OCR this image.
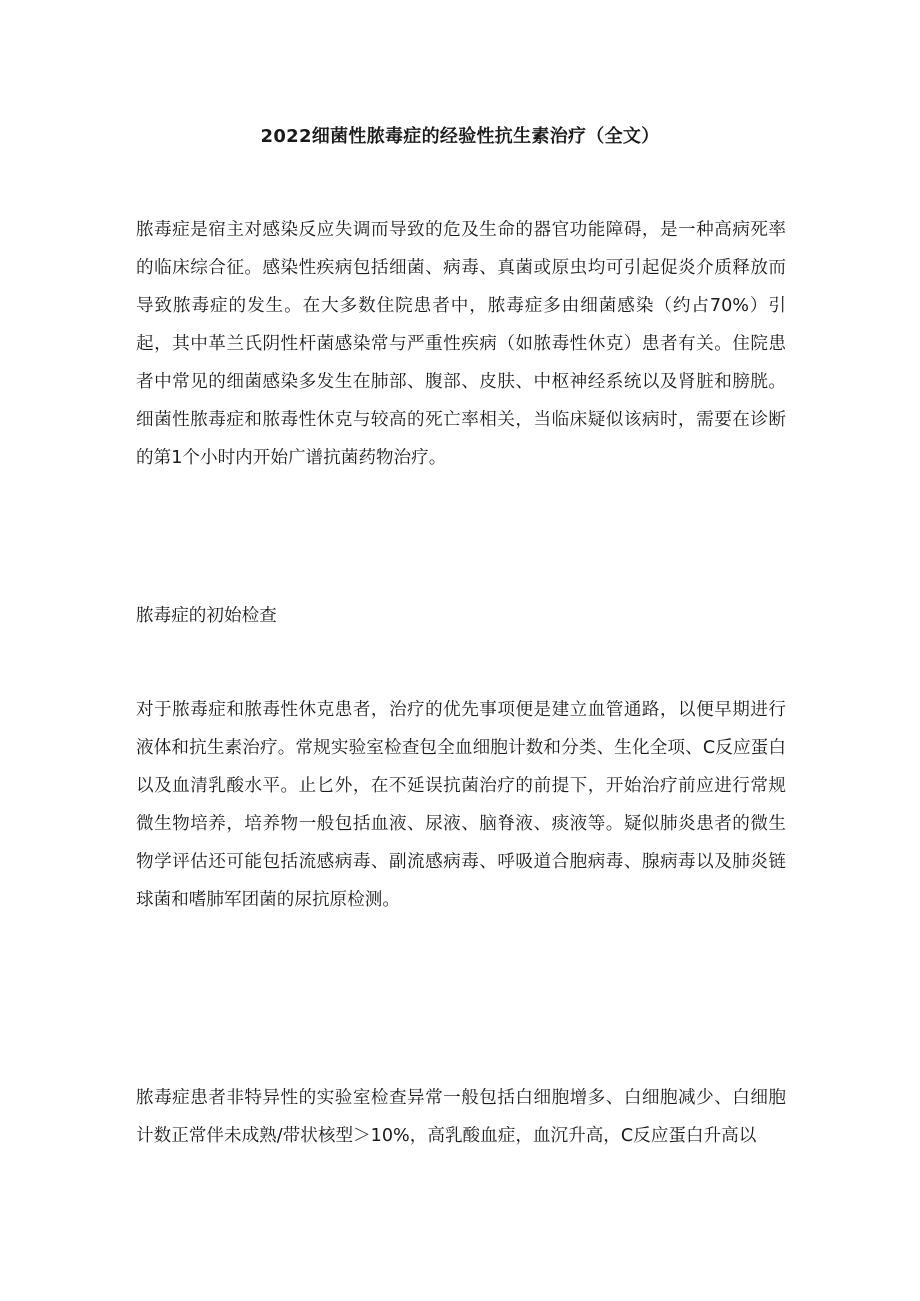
2022细菌性脓毒症的经验性抗生素治疗（全文）

脓毒症是宿主对感染反应失调而导致的危及生命的器官功能障碍，是一种高病死率的临床综合征。感染性疾病包括细菌、病毒、真菌或原虫均可引起促炎介质释放而导致脓毒症的发生。在大多数住院患者中，脓毒症多由细菌感染（约占70%）引起，其中革兰氏阴性杆菌感染常与严重性疾病（如脓毒性休克）患者有关。住院患者中常见的细菌感染多发生在肺部、腹部、皮肤、中枢神经系统以及肾脏和膀胱。细菌性脓毒症和脓毒性休克与较高的死亡率相关，当临床疑似该病时，需要在诊断的第1个小时内开始广谱抗菌药物治疗。

脓毒症的初始检查

对于脓毒症和脓毒性休克患者，治疗的优先事项便是建立血管通路，以便早期进行液体和抗生素治疗。常规实验室检查包全血细胞计数和分类、生化全项、C反应蛋白以及血清乳酸水平。止匕外，在不延误抗菌治疗的前提下，开始治疗前应进行常规微生物培养，培养物一般包括血液、尿液、脑脊液、痰液等。疑似肺炎患者的微生物学评估还可能包括流感病毒、副流感病毒、呼吸道合胞病毒、腺病毒以及肺炎链球菌和嗜肺军团菌的尿抗原检测。

脓毒症患者非特异性的实验室检查异常一般包括白细胞增多、白细胞减少、白细胞计数正常伴未成熟/带状核型＞10%，高乳酸血症，血沉升高，C反应蛋白升高以
